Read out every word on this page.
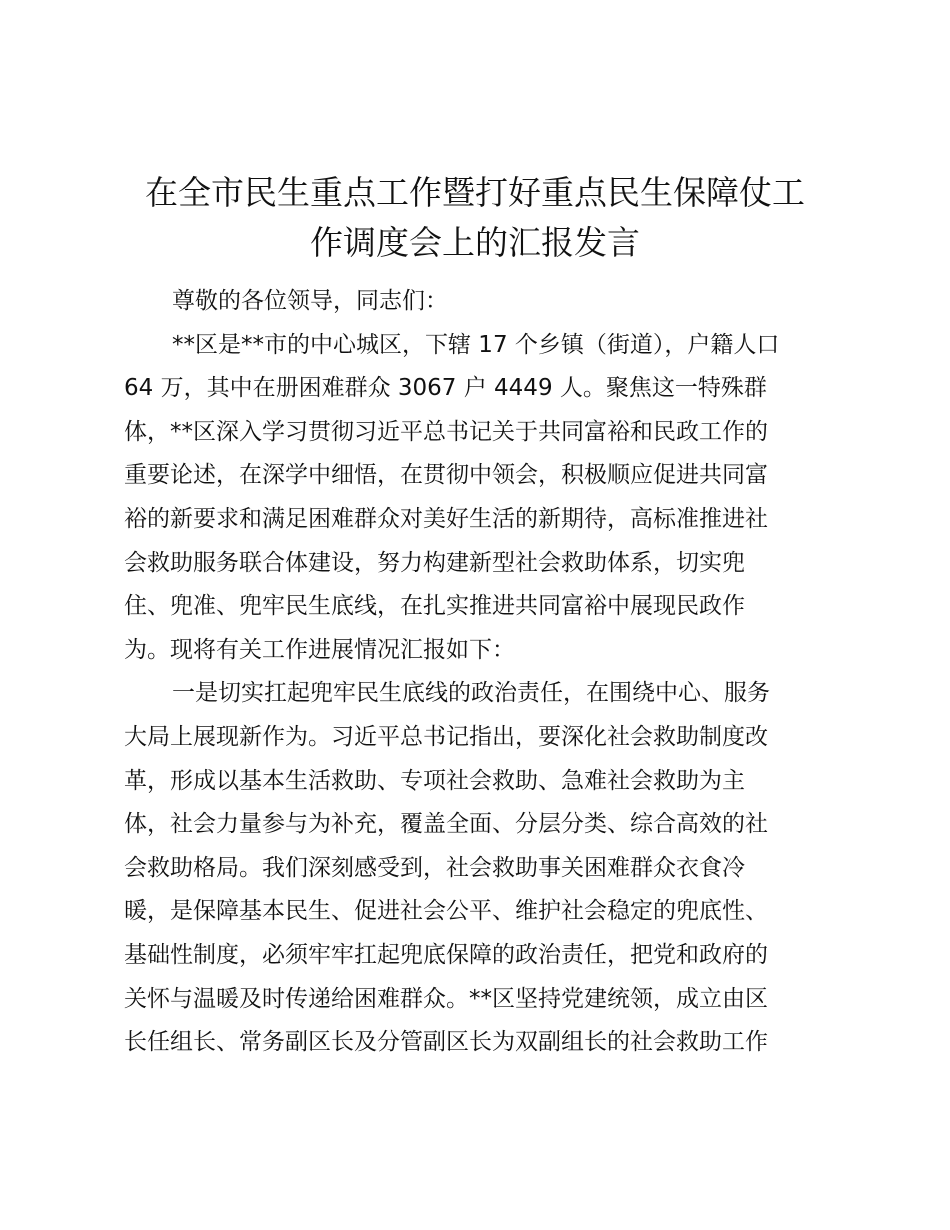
在全市民生重点工作暨打好重点民生保障仗工
作调度会上的汇报发言
尊敬的各位领导，同志们：
**区是**市的中心城区，下辖 17 个乡镇（街道），户籍人口
64 万，其中在册困难群众 3067 户 4449 人。聚焦这一特殊群
体，**区深入学习贯彻习近平总书记关于共同富裕和民政工作的
重要论述，在深学中细悟，在贯彻中领会，积极顺应促进共同富
裕的新要求和满足困难群众对美好生活的新期待，高标准推进社
会救助服务联合体建设，努力构建新型社会救助体系，切实兜
住、兜准、兜牢民生底线，在扎实推进共同富裕中展现民政作
为。现将有关工作进展情况汇报如下：
一是切实扛起兜牢民生底线的政治责任，在围绕中心、服务
大局上展现新作为。习近平总书记指出，要深化社会救助制度改
革，形成以基本生活救助、专项社会救助、急难社会救助为主
体，社会力量参与为补充，覆盖全面、分层分类、综合高效的社
会救助格局。我们深刻感受到，社会救助事关困难群众衣食冷
暖，是保障基本民生、促进社会公平、维护社会稳定的兜底性、
基础性制度，必须牢牢扛起兜底保障的政治责任，把党和政府的
关怀与温暖及时传递给困难群众。**区坚持党建统领，成立由区
长任组长、常务副区长及分管副区长为双副组长的社会救助工作
